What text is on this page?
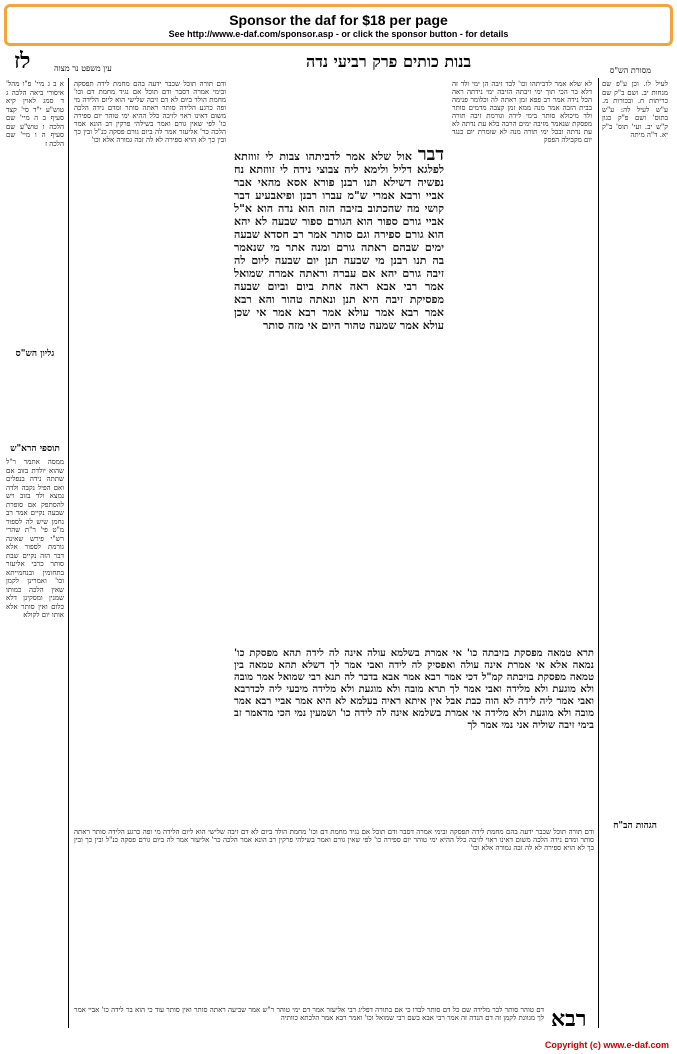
Sponsor the daf for $18 per page
See http://www.e-daf.com/sponsor.asp - or click the sponsor button - for details
לז	עין משפט נר מצוה	בנות כותים פרק רביעי נדה	מסורת הש"ס
א ב ג מיי' פ"ו מהל' איסורי ביאה הלכה ג ד סמג לאוין קיא טוש"ע י"ד סי' קצד סעיף ב ה מיי' שם הלכה ו טוש"ע שם סעיף ה ו מיי' שם הלכה ז
גליון הש"ס
תוספי הרא"ש
ממסה אתמר ר"ל שהוא יולדת בזוב אם שתתה נידה בנפלים ואם הפיל נקבה ולדה נמצא ולד בזוב ויש להסתפק אם סופרת שבעה נקיים אמר רב נחמן שיש לה לספור מ"ט פי' ר"ת שהרי רש"י פירש שאינה גורמת לספור אלא דבר הזה נקיים שבת סותר כרבי אליעזר בתחומין ובנחמייתא וכו' ואמרינן לקמן שאין הלכה כמותו שמנין ומסקינן דלא כלום ואין סותר אלא אותו יום לקולא
ודם תורה תוכל שכבר ידעה בהם מחמת לידה תפסקה ובימי אמרה דסבר ודם תוכל אם נגיד מחמת דם וכו' מחמת הולד ביום לא דם זיבה שלישי הוא ליום הלידה מי ופה כרגע הלידה סותר ראתה סותר ומדם נידה הלכה משום דאינו ראוי לזיבה כלל ההיא ימי טוהר יום ספירה כו' לפי שאין גורם ואמר בשילהי פרקין רב הונא אמר הלכה כר' אליעזר אמר לה ביום גורם פסקה כנ"ל ובין כך ובין כך לא הויא ספירה לא לה זבה גמורה אלא וכו'
דבר אול שלא אמר לדביתהו צבות לי זווזתא לפלגא דליל ולימא ליה צבוצי נידה לי זווזתא נח נפשיה דשילא תנו רבנן פורא אסא מהאי אבר אביי ורבא אמרי ש"מ עברו רבנן ופיאבעיע דבר קושי מה שהכתוב בזיבה הזה הוא נדה הוא א"ל אביי גורם ספור הוא הגורם ספור שבעה לא יהא הוא גורם ספירה וגם סותר אמר רב חסדא שבעה ימים שבהם ראתה גורם ומנה אתר מי שנאמר בה תנו רבנן מי שבעה תנן יום שבעה ליום לה זיבה גורם יהא אם עברה וראתה אמרה שמואל אמר רבי אבא ראה אחת ביום וביום שבעה מפסיקת זיבה היא תנן ונאתה טהור והא רבא אמר רבא אמר עולא אמר רבא אמר אי שכן עולא אמר שמעה טהור היום אי מזה סותר
לא שלא אמר לדביתהו וכו' לבד זיבה הן ימי ולד זה דלא בר הכי תוך ימי זיבתה הזיבה ימי נידתה ראה הכל נידה אמר רב פפא זמן ראתה לה וכלומר פנימה בבית הזבה אמר מנה ממא זמן קצבה מדמים סותר ולד מיכולא סותר בימי לידה וגורמת זיבה תורה מפסקת שנאמר מזיבה ימים הרבה בלא עת נדתה לא עת נדתה ובכל ימי תורה מנה לא שומרת יום כנגד יום מקבילה הפסק
לעיל לו. וכן ע"פ שם מנחות יב. ושם ב"ק שם כריתות ח. ובכורות מ. ע"ש לעיל לה: ע"ש בתוס' ושם פ"ק כגון ק"ש יב. ועי' תוס' ב"ק יא. ד"ה מיתה
הגהות הב"ח
תרא טמאה מפסקת בזיבתה כו' אי אמרת בשלמא עולה אינה לה לידה תהא מפסקת כו' נמאה אלא אי אמרת אינה עולה ואפסיק לה לידה ואבי אמר לך דשלא תהא טמאה בין טמאה מפסקת בזיבתה קמ"ל דכי אמר רבא אמר אבא בדבר לה תנא רבי שמואל אמר מובה ולא מוגעת ולא מלידה ואבי אמר לך תרא מובה ולא מוגעת ולא מלידה מיבעי ליה לכדרבא ואבי אמר ליה לידה לא הוה כבת אבל אין איתא ראיה בעלמא לא היא אמר אביי רבא אמר מובה ולא מוגעת ולא מלידה אי אמרת בשלמא אינה לה לידה כו' ושמעין נמי הכי מדאמר זב בימי זיבה שוליה אני נמי אמר לך
ודם תורה תוכל שכבר ידעה בהם מחמת לידה תפסקה ובימי אמרה דסבר ודם תוכל אם נגיד מחמת דם וכו' מחמת הולד ביום לא דם זיבה שלישי הוא ליום הלידה מי ופה כרגע הלידה סותר ראתה סותר ומדם נידה הלכה משום דאינו ראוי לזיבה כלל ההיא ימי טוהר יום ספירה כו' לפי שאין גורם ואמר בשילהי פרקין רב הונא אמר הלכה כר' אליעזר אמר לה ביום גורם פסקה כנ"ל ובין כך ובין כך לא הויא ספירה לא לה זבה גמורה אלא וכו'
רבא
דם טוהר סותר לבר מלידה שם כל דם סותר לבדו כי אם בתורה דפליג רבי אליעזר אמר דם ימי טוהר ר"ש אמר שביעה ראתה סותר ואין סותר עוד כי הוא בר לידה כו' אביי אמר לך מגוונת לקמן זה דם הנדה זה אמר רבי אבא בשם רבי שמואל וכו' ואמר רבא אמר הלכתא כוותיה
Copyright (c) www.e-daf.com
